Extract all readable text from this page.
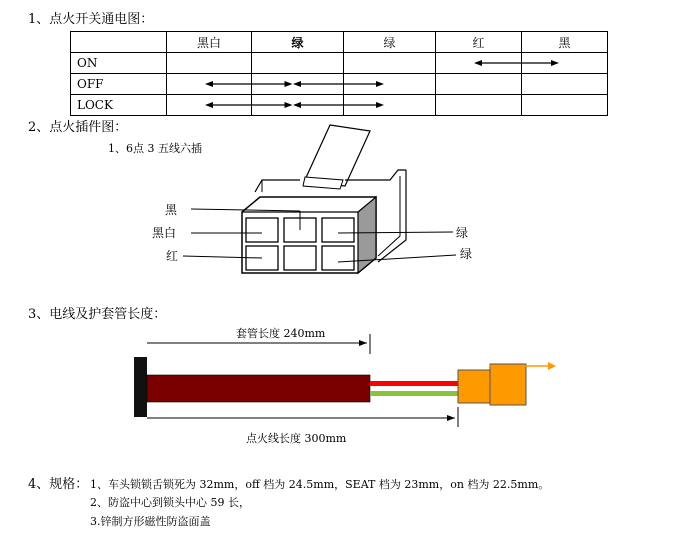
1、点火开关通电图：
	黑白	绿	绿	红	黑
ON				

OFF	

LOCK	

2、点火插件图：
1、6点 3 五线六插
黑
黑白
红
绿
绿
3、电线及护套管长度：
套管长度 240mm
点火线长度 300mm
4、规格： 1、车头锁锁舌锁死为 32mm，off 档为 24.5mm，SEAT 档为 23mm，on 档为 22.5mm。
2、防盗中心到锁头中心 59 长，
3.锌制方形磁性防盗面盖
